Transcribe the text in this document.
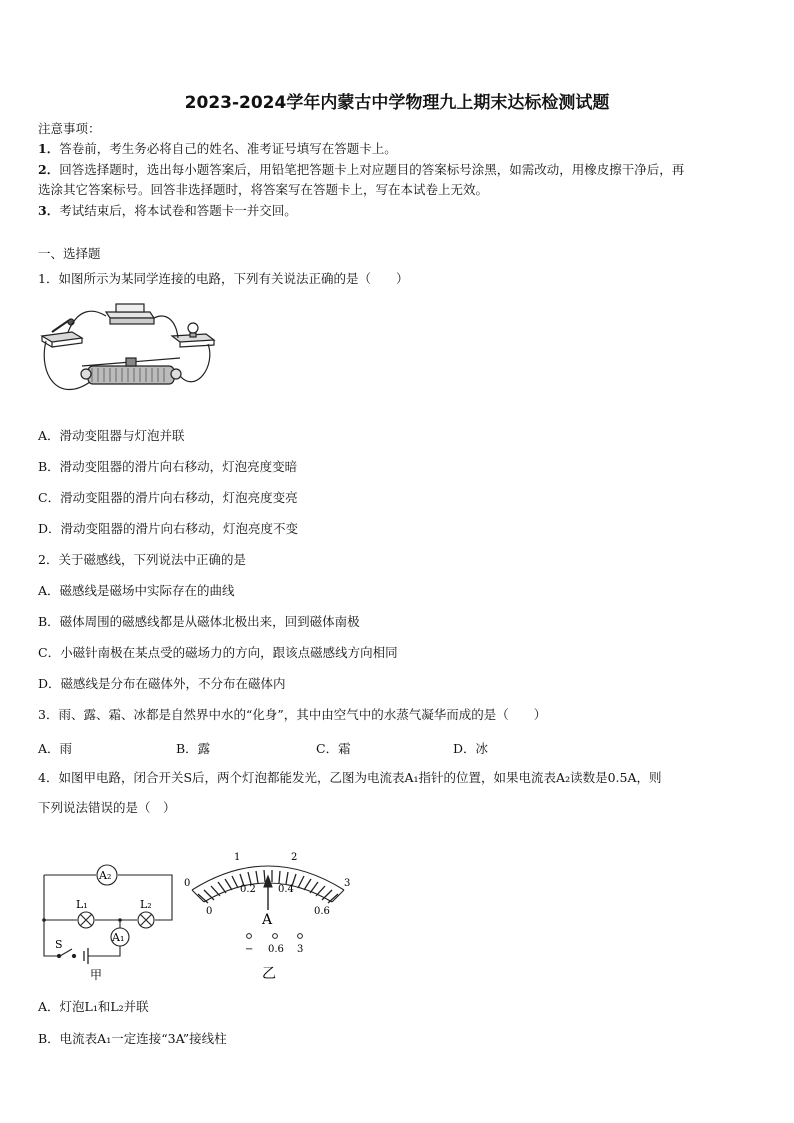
2023-2024学年内蒙古中学物理九上期末达标检测试题
注意事项：
1．答卷前，考生务必将自己的姓名、准考证号填写在答题卡上。
2．回答选择题时，选出每小题答案后，用铅笔把答题卡上对应题目的答案标号涂黑，如需改动，用橡皮擦干净后，再
选涂其它答案标号。回答非选择题时，将答案写在答题卡上，写在本试卷上无效。
3．考试结束后，将本试卷和答题卡一并交回。
一、选择题
1．如图所示为某同学连接的电路，下列有关说法正确的是（　　）
A．滑动变阻器与灯泡并联
B．滑动变阻器的滑片向右移动，灯泡亮度变暗
C．滑动变阻器的滑片向右移动，灯泡亮度变亮
D．滑动变阻器的滑片向右移动，灯泡亮度不变
2．关于磁感线，下列说法中正确的是
A．磁感线是磁场中实际存在的曲线
B．磁体周围的磁感线都是从磁体北极出来，回到磁体南极
C．小磁针南极在某点受的磁场力的方向，跟该点磁感线方向相同
D．磁感线是分布在磁体外，不分布在磁体内
3．雨、露、霜、冰都是自然界中水的“化身”，其中由空气中的水蒸气凝华而成的是（　　）
A．雨	B．露	C．霜	D．冰
4．如图甲电路，闭合开关S后，两个灯泡都能发光，乙图为电流表A₁指针的位置，如果电流表A₂读数是0.5A，则
下列说法错误的是（　）
A₂
A₁
L₁	L₂
S
甲
0
1	2
3
0
0.2 0.4
0.6
A
− 0.6 3
乙
A．灯泡L₁和L₂并联
B．电流表A₁一定连接“3A”接线柱
